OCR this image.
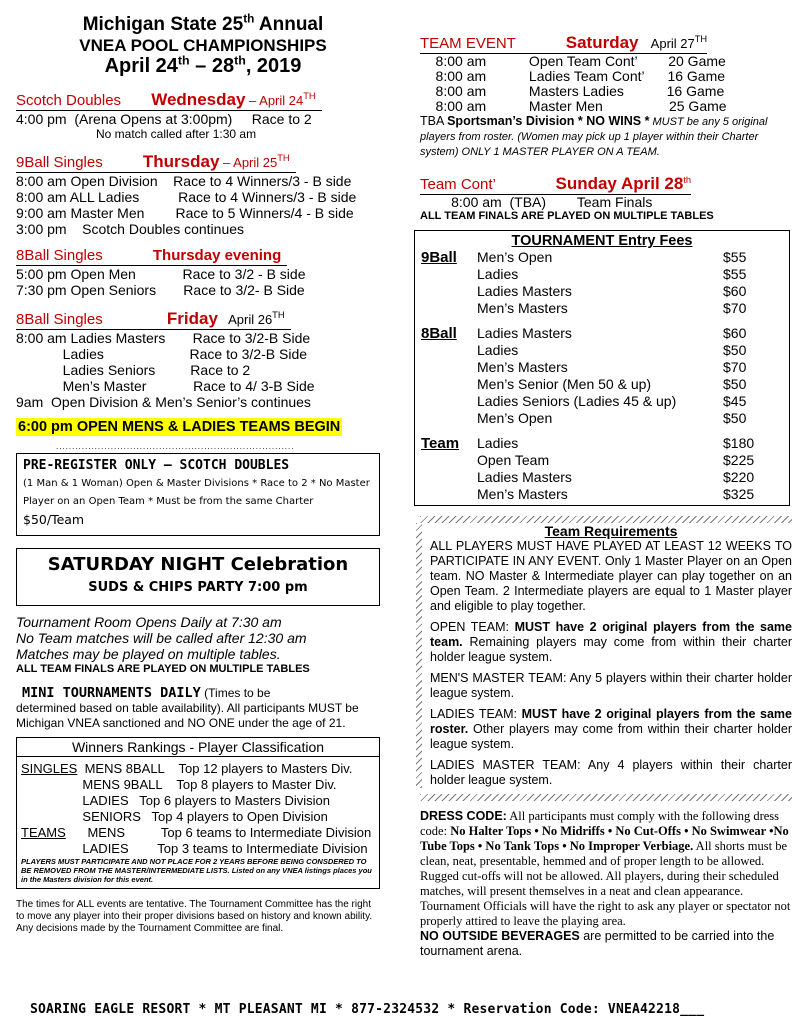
Michigan State 25th Annual
VNEA POOL CHAMPIONSHIPS
April 24th – 28th, 2019
Scotch Doubles Wednesday – April 24TH
4:00 pm  (Arena Opens at 3:00pm)     Race to 2
No match called after 1:30 am
9Ball Singles Thursday – April 25TH
8:00 am Open Division    Race to 4 Winners/3 - B side
8:00 am ALL Ladies          Race to 4 Winners/3 - B side
9:00 am Master Men        Race to 5 Winners/4 - B side
3:00 pm    Scotch Doubles continues
8Ball Singles	Thursday evening
5:00 pm Open Men            Race to 3/2 - B side
7:30 pm Open Seniors       Race to 3/2- B Side
8Ball Singles	Friday April 26TH
8:00 am Ladies Masters       Race to 3/2-B Side
Ladies                      Race to 3/2-B Side
Ladies Seniors         Race to 2
Men’s Master            Race to 4/ 3-B Side
9am  Open Division & Men’s Senior’s continues
6:00 pm OPEN MENS & LADIES TEAMS BEGIN
..........................................................................
PRE-REGISTER ONLY – SCOTCH DOUBLES
(1 Man & 1 Woman) Open & Master Divisions * Race to 2 * No Master Player on an Open Team * Must be from the same Charter $50/Team
SATURDAY NIGHT Celebration
SUDS & CHIPS PARTY 7:00 pm
Tournament Room Opens Daily at 7:30 am
No Team matches will be called after 12:30 am
Matches may be played on multiple tables.
ALL TEAM FINALS ARE PLAYED ON MULTIPLE TABLES
MINI TOURNAMENTS DAILY (Times to be
determined based on table availability). All participants MUST be Michigan VNEA sanctioned and NO ONE under the age of 21.
Winners Rankings - Player Classification
SINGLES  MENS 8BALL    Top 12 players to Masters Div.
MENS 9BALL    Top 8 players to Master Div.
LADIES   Top 6 players to Masters Division
SENIORS   Top 4 players to Open Division
TEAMS      MENS          Top 6 teams to Intermediate Division
LADIES        Top 3 teams to Intermediate Division
PLAYERS MUST PARTICIPATE AND NOT PLACE FOR 2 YEARS BEFORE BEING CONSDERED TO BE REMOVED FROM THE MASTER/INTERMEDIATE LISTS. Listed on any VNEA listings places you in the Masters division for this event.
The times for ALL events are tentative. The Tournament Committee has the right to move any player into their proper divisions based on history and known ability. Any decisions made by the Tournament Committee are final.
TEAM EVENT	Saturday April 27TH
8:00 am           Open Team Cont’        20 Game
8:00 am           Ladies Team Cont’      16 Game
8:00 am           Masters Ladies           16 Game
8:00 am           Master Men                 25 Game
TBA Sportsman’s Division * NO WINS * MUST be any 5 original players from roster. (Women may pick up 1 player within their Charter system) ONLY 1 MASTER PLAYER ON A TEAM.
Team Cont’	Sunday April 28th
8:00 am  (TBA)        Team Finals
ALL TEAM FINALS ARE PLAYED ON MULTIPLE TABLES
TOURNAMENT Entry Fees
9Ball	Men’s Open	$55
Ladies	$55
Ladies Masters	$60
Men’s Masters	$70
8Ball	Ladies Masters	$60
Ladies	$50
Men’s Masters	$70
Men’s Senior (Men 50 & up)	$50
Ladies Seniors (Ladies 45 & up)	$45
Men’s Open	$50
Team	Ladies	$180
Open Team	$225
Ladies Masters	$220
Men’s Masters	$325
Team Requirements

ALL PLAYERS MUST HAVE PLAYED AT LEAST 12 WEEKS TO PARTICIPATE IN ANY EVENT. Only 1 Master Player on an Open team. NO Master & Intermediate player can play together on an Open Team. 2 Intermediate players are equal to 1 Master player and eligible to play together.

OPEN TEAM: MUST have 2 original players from the same team. Remaining players may come from within their charter holder league system.

MEN'S MASTER TEAM: Any 5 players within their charter holder league system.

LADIES TEAM: MUST have 2 original players from the same roster. Other players may come from within their charter holder league system.

LADIES MASTER TEAM: Any 4 players within their charter holder league system.

DRESS CODE: All participants must comply with the following dress code: No Halter Tops • No Midriffs • No Cut-Offs • No Swimwear •No Tube Tops • No Tank Tops • No Improper Verbiage. All shorts must be clean, neat, presentable, hemmed and of proper length to be allowed. Rugged cut-offs will not be allowed. All players, during their scheduled matches, will present themselves in a neat and clean appearance. Tournament Officials will have the right to ask any player or spectator not properly attired to leave the playing area.
NO OUTSIDE BEVERAGES are permitted to be carried into the tournament arena.
SOARING EAGLE RESORT * MT PLEASANT MI * 877-2324532 * Reservation Code: VNEA42218___
